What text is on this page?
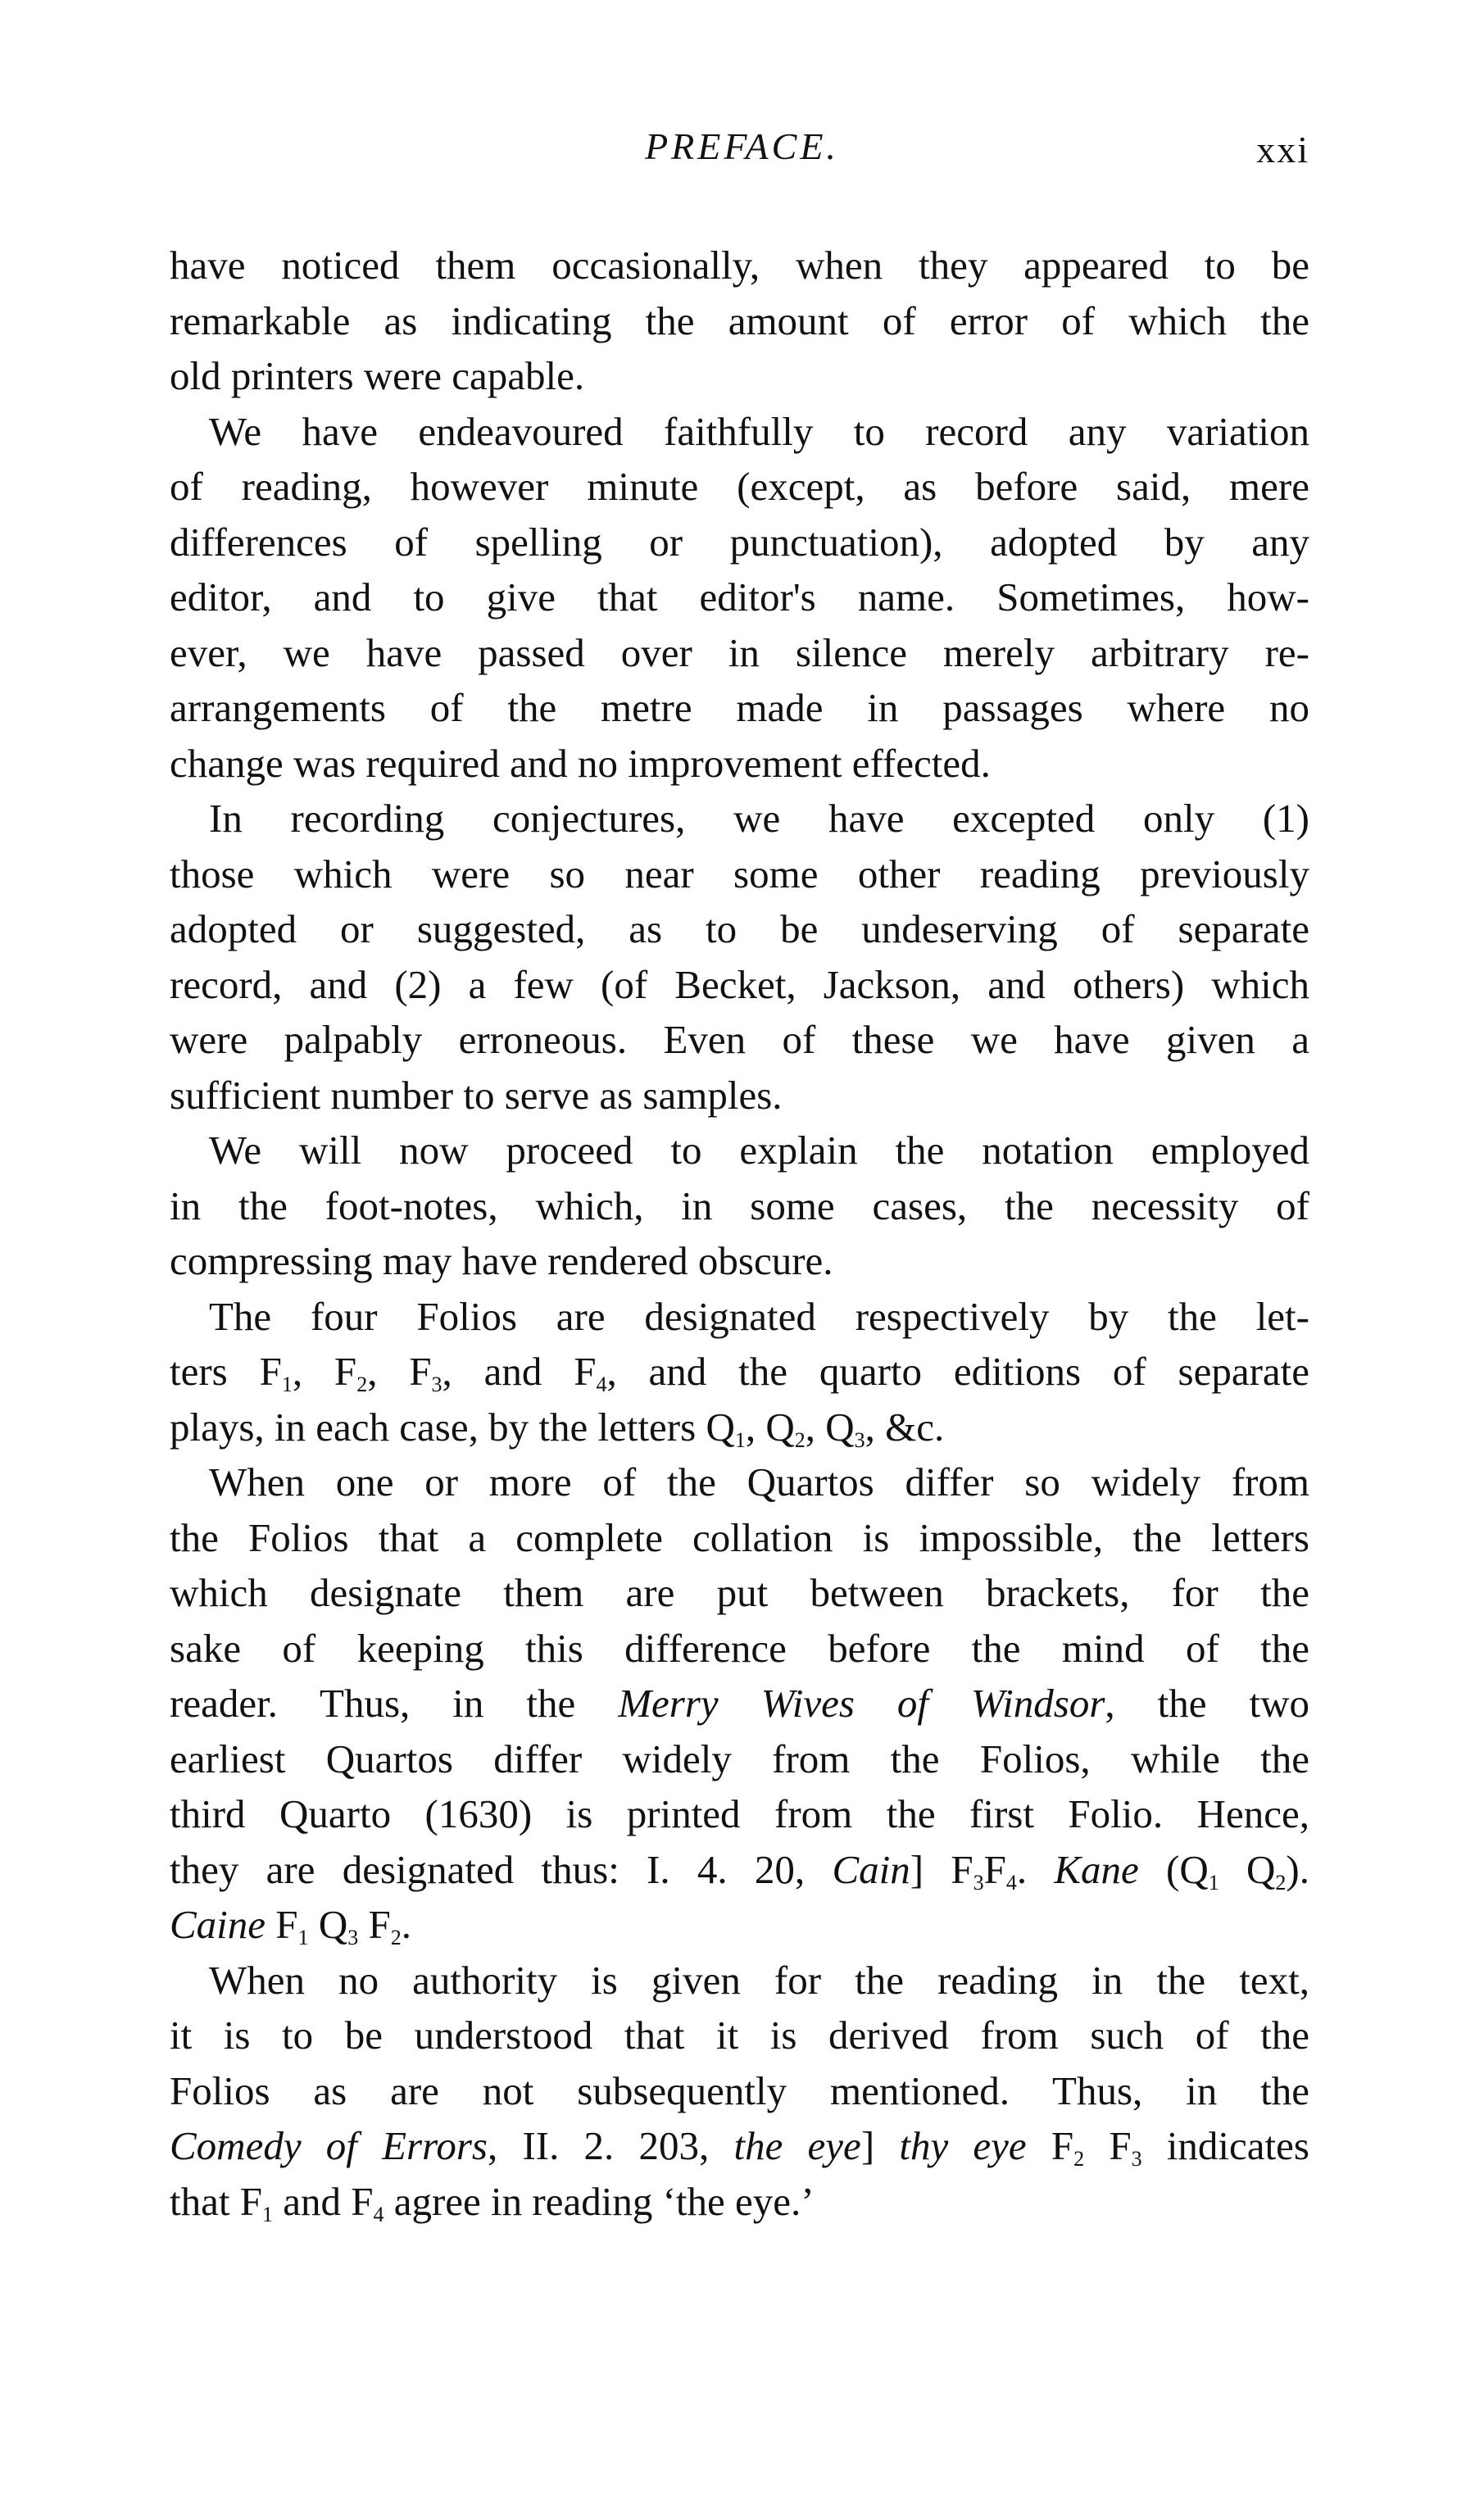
PREFACE.	xxi
have noticed them occasionally, when they appeared to be
remarkable as indicating the amount of error of which the
old printers were capable.
We have endeavoured faithfully to record any variation
of reading, however minute (except, as before said, mere
differences of spelling or punctuation), adopted by any
editor, and to give that editor's name. Sometimes, how-
ever, we have passed over in silence merely arbitrary re-
arrangements of the metre made in passages where no
change was required and no improvement effected.
In recording conjectures, we have excepted only (1)
those which were so near some other reading previously
adopted or suggested, as to be undeserving of separate
record, and (2) a few (of Becket, Jackson, and others) which
were palpably erroneous. Even of these we have given a
sufficient number to serve as samples.
We will now proceed to explain the notation employed
in the foot-notes, which, in some cases, the necessity of
compressing may have rendered obscure.
The four Folios are designated respectively by the let-
ters F1, F2, F3, and F4, and the quarto editions of separate
plays, in each case, by the letters Q1, Q2, Q3, &c.
When one or more of the Quartos differ so widely from
the Folios that a complete collation is impossible, the letters
which designate them are put between brackets, for the
sake of keeping this difference before the mind of the
reader. Thus, in the Merry Wives of Windsor, the two
earliest Quartos differ widely from the Folios, while the
third Quarto (1630) is printed from the first Folio. Hence,
they are designated thus: I. 4. 20, Cain] F3F4. Kane (Q1 Q2).
Caine F1 Q3 F2.
When no authority is given for the reading in the text,
it is to be understood that it is derived from such of the
Folios as are not subsequently mentioned. Thus, in the
Comedy of Errors, II. 2. 203, the eye] thy eye F2 F3 indicates
that F1 and F4 agree in reading ‘the eye.’
